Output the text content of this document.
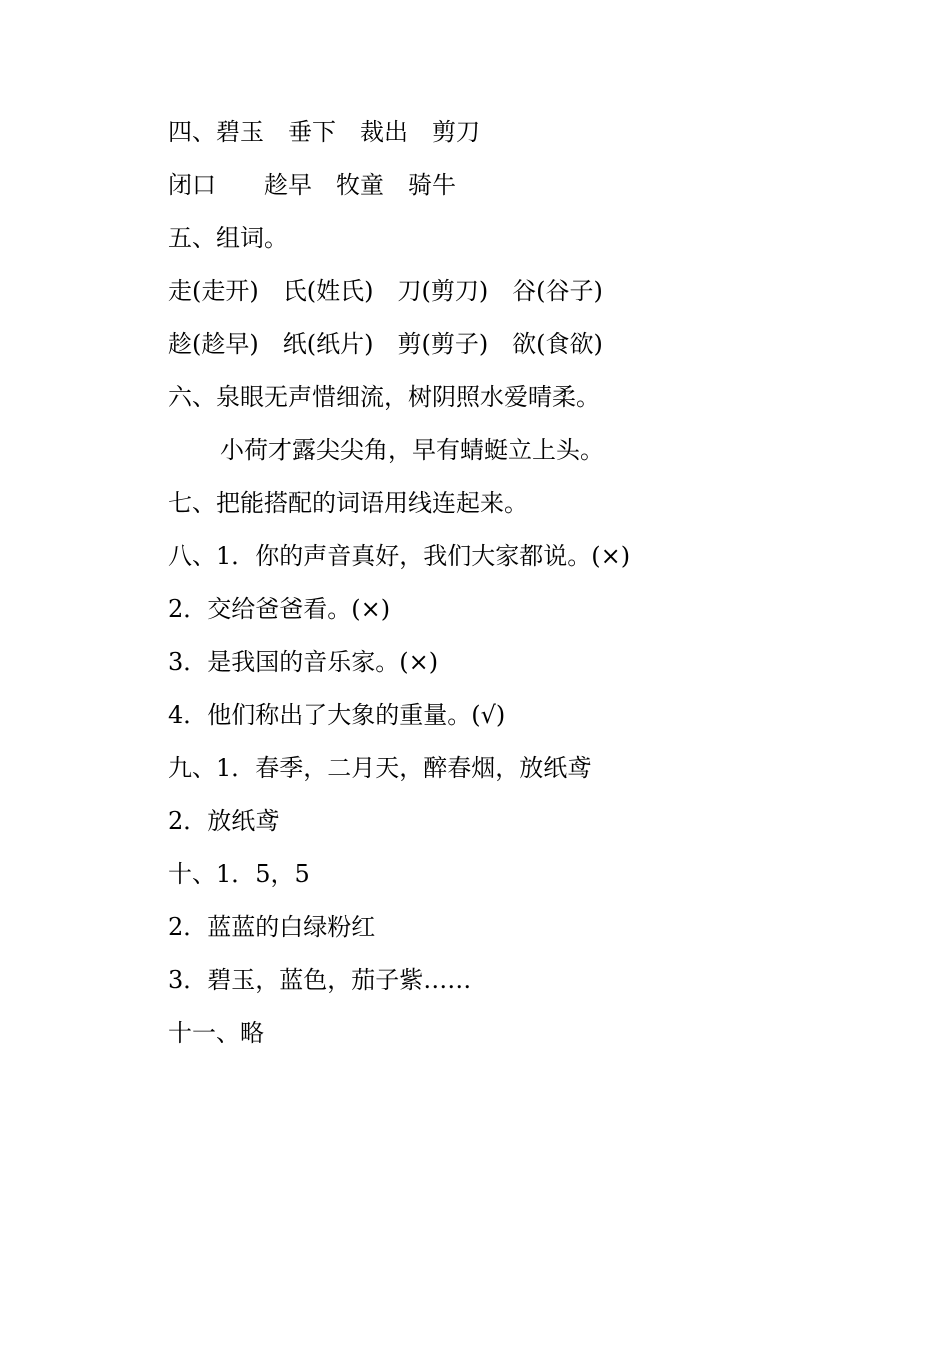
四、碧玉　垂下　裁出　剪刀
闭口　　趁早　牧童　骑牛
五、组词。
走(走开)　氏(姓氏)　刀(剪刀)　谷(谷子)
趁(趁早)　纸(纸片)　剪(剪子)　欲(食欲)
六、泉眼无声惜细流，树阴照水爱晴柔。
小荷才露尖尖角，早有蜻蜓立上头。
七、把能搭配的词语用线连起来。
八、1．你的声音真好，我们大家都说。(×)
2．交给爸爸看。(×)
3．是我国的音乐家。(×)
4．他们称出了大象的重量。(√)
九、1．春季，二月天，醉春烟，放纸鸢
2．放纸鸢
十、1．5，5
2．蓝蓝的白绿粉红
3．碧玉，蓝色，茄子紫……
十一、略
